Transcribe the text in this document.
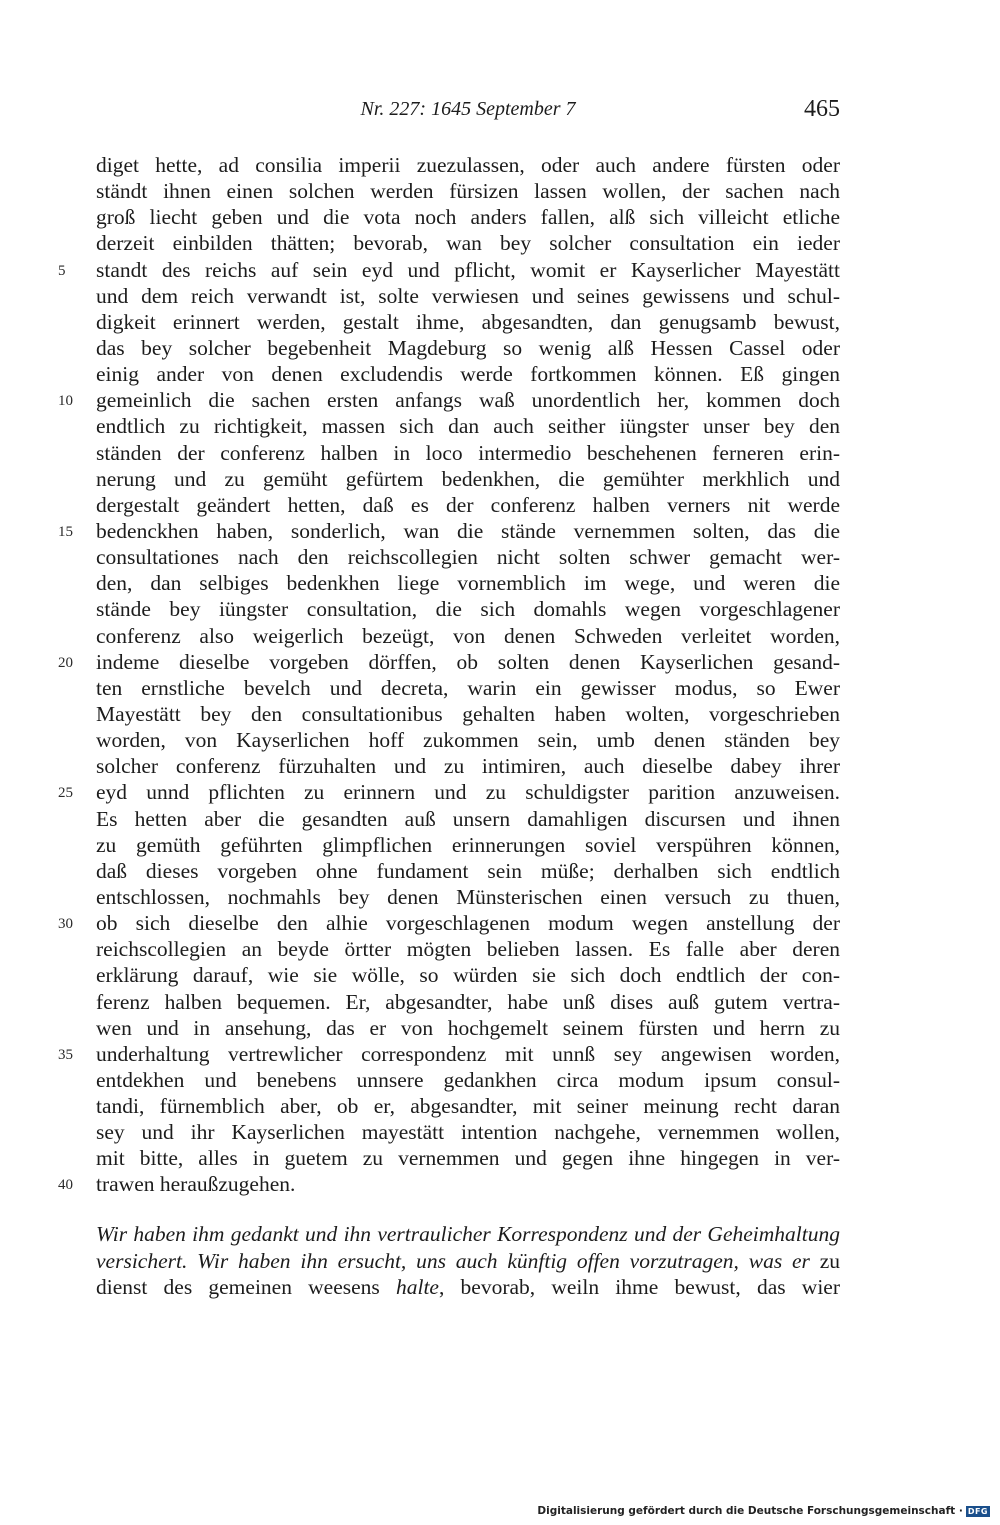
Nr. 227: 1645 September 7	465
diget hette, ad consilia imperii zuezulassen, oder auch andere fürsten oder
ständt ihnen einen solchen werden fürsizen lassen wollen, der sachen nach
groß liecht geben und die vota noch anders fallen, alß sich villeicht etliche
derzeit einbilden thätten; bevorab, wan bey solcher consultation ein ieder
5	standt des reichs auf sein eyd und pflicht, womit er Kayserlicher Mayestätt
und dem reich verwandt ist, solte verwiesen und seines gewissens und schul-
digkeit erinnert werden, gestalt ihme, abgesandten, dan genugsamb bewust,
das bey solcher begebenheit Magdeburg so wenig alß Hessen Cassel oder
einig ander von denen excludendis werde fortkommen können. Eß gingen
10	gemeinlich die sachen ersten anfangs waß unordentlich her, kommen doch
endtlich zu richtigkeit, massen sich dan auch seither iüngster unser bey den
ständen der conferenz halben in loco intermedio beschehenen ferneren erin-
nerung und zu gemüht gefürtem bedenkhen, die gemühter merkhlich und
dergestalt geändert hetten, daß es der conferenz halben verners nit werde
15	bedenckhen haben, sonderlich, wan die stände vernemmen solten, das die
consultationes nach den reichscollegien nicht solten schwer gemacht wer-
den, dan selbiges bedenkhen liege vornemblich im wege, und weren die
stände bey iüngster consultation, die sich domahls wegen vorgeschlagener
conferenz also weigerlich bezeügt, von denen Schweden verleitet worden,
20	indeme dieselbe vorgeben dörffen, ob solten denen Kayserlichen gesand-
ten ernstliche bevelch und decreta, warin ein gewisser modus, so Ewer
Mayestätt bey den consultationibus gehalten haben wolten, vorgeschrieben
worden, von Kayserlichen hoff zukommen sein, umb denen ständen bey
solcher conferenz fürzuhalten und zu intimiren, auch dieselbe dabey ihrer
25	eyd unnd pflichten zu erinnern und zu schuldigster parition anzuweisen.
Es hetten aber die gesandten auß unsern damahligen discursen und ihnen
zu gemüth geführten glimpflichen erinnerungen soviel verspühren können,
daß dieses vorgeben ohne fundament sein müße; derhalben sich endtlich
entschlossen, nochmahls bey denen Münsterischen einen versuch zu thuen,
30	ob sich dieselbe den alhie vorgeschlagenen modum wegen anstellung der
reichscollegien an beyde örtter mögten belieben lassen. Es falle aber deren
erklärung darauf, wie sie wölle, so würden sie sich doch endtlich der con-
ferenz halben bequemen. Er, abgesandter, habe unß dises auß gutem vertra-
wen und in ansehung, das er von hochgemelt seinem fürsten und herrn zu
35	underhaltung vertrewlicher correspondenz mit unnß sey angewisen worden,
entdekhen und benebens unnsere gedankhen circa modum ipsum consul-
tandi, fürnemblich aber, ob er, abgesandter, mit seiner meinung recht daran
sey und ihr Kayserlichen mayestätt intention nachgehe, vernemmen wollen,
mit bitte, alles in guetem zu vernemmen und gegen ihne hingegen in ver-
40	trawen heraußzugehen.
Wir haben ihm gedankt und ihn vertraulicher Korrespondenz und der Geheimhaltung
versichert. Wir haben ihn ersucht, uns auch künftig offen vorzutragen, was er zu
dienst des gemeinen weesens halte, bevorab, weiln ihme bewust, das wier
Digitalisierung gefördert durch die Deutsche Forschungsgemeinschaft · DFG
